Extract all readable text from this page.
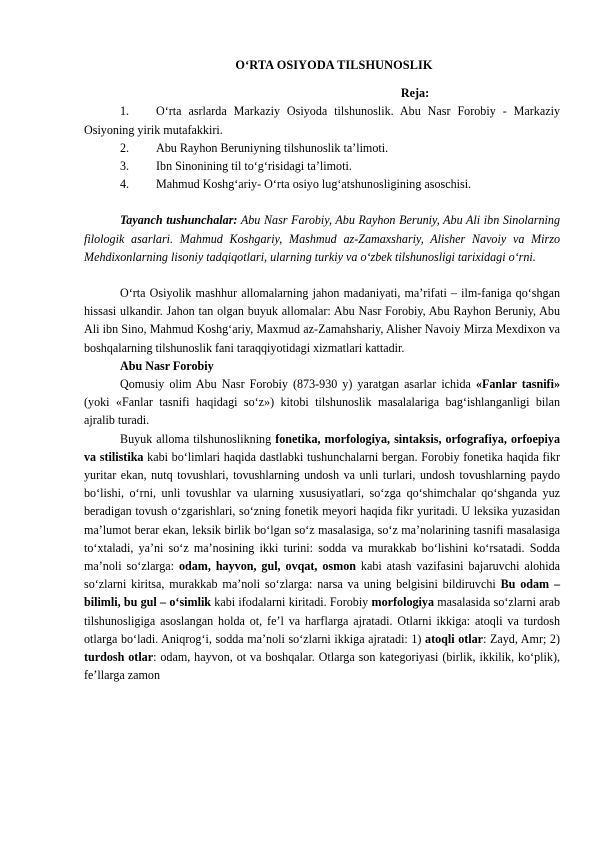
O‘RTA OSIYODA TILSHUNOSLIK
Reja:
1. O‘rta asrlarda Markaziy Osiyoda tilshunoslik. Abu Nasr Forobiy - Markaziy Osiyoning yirik mutafakkiri.
2. Abu Rayhon Beruniyning tilshunoslik ta’limoti.
3. Ibn Sinonining til to‘g‘risidagi ta’limoti.
4. Mahmud Koshg‘ariy- O‘rta osiyo lug‘atshunosligining asoschisi.

Tayanch tushunchalar: Abu Nasr Farobiy, Abu Rayhon Beruniy, Abu Ali ibn Sinolarning filologik asarlari. Mahmud Koshgariy, Mashmud az-Zamaxshariy, Alisher Navoiy va Mirzo Mehdixonlarning lisoniy tadqiqotlari, ularning turkiy va o‘zbek tilshunosligi tarixidagi o‘rni.

O‘rta Osiyolik mashhur allomalarning jahon madaniyati, ma’rifati – ilm-faniga qo‘shgan hissasi ulkandir. Jahon tan olgan buyuk allomalar: Abu Nasr Forobiy, Abu Rayhon Beruniy, Abu Ali ibn Sino, Mahmud Koshg‘ariy, Maxmud az-Zamahshariy, Alisher Navoiy Mirza Mexdixon va boshqalarning tilshunoslik fani taraqqiyotidagi xizmatlari kattadir.

Abu Nasr Forobiy

Qomusiy olim Abu Nasr Forobiy (873-930 y) yaratgan asarlar ichida «Fanlar tasnifi» (yoki «Fanlar tasnifi haqidagi so‘z») kitobi tilshunoslik masalalariga bag‘ishlanganligi bilan ajralib turadi.

Buyuk alloma tilshunoslikning fonetika, morfologiya, sintaksis, orfografiya, orfoepiya va stilistika kabi bo‘limlari haqida dastlabki tushunchalarni bergan. Forobiy fonetika haqida fikr yuritar ekan, nutq tovushlari, tovushlarning undosh va unli turlari, undosh tovushlarning paydo bo‘lishi, o‘rni, unli tovushlar va ularning xususiyatlari, so‘zga qo‘shimchalar qo‘shganda yuz beradigan tovush o‘zgarishlari, so‘zning fonetik meyori haqida fikr yuritadi. U leksika yuzasidan ma’lumot berar ekan, leksik birlik bo‘lgan so‘z masalasiga, so‘z ma’nolarining tasnifi masalasiga to‘xtaladi, ya’ni so‘z ma’nosining ikki turini: sodda va murakkab bo‘lishini ko‘rsatadi. Sodda ma’noli so‘zlarga: odam, hayvon, gul, ovqat, osmon kabi atash vazifasini bajaruvchi alohida so‘zlarni kiritsa, murakkab ma’noli so‘zlarga: narsa va uning belgisini bildiruvchi Bu odam – bilimli, bu gul – o‘simlik kabi ifodalarni kiritadi. Forobiy morfologiya masalasida so‘zlarni arab tilshunosligiga asoslangan holda ot, fe’l va harflarga ajratadi. Otlarni ikkiga: atoqli va turdosh otlarga bo‘ladi. Aniqrog‘i, sodda ma’noli so‘zlarni ikkiga ajratadi: 1) atoqli otlar: Zayd, Amr; 2) turdosh otlar: odam, hayvon, ot va boshqalar. Otlarga son kategoriyasi (birlik, ikkilik, ko‘plik), fe’llarga zamon
